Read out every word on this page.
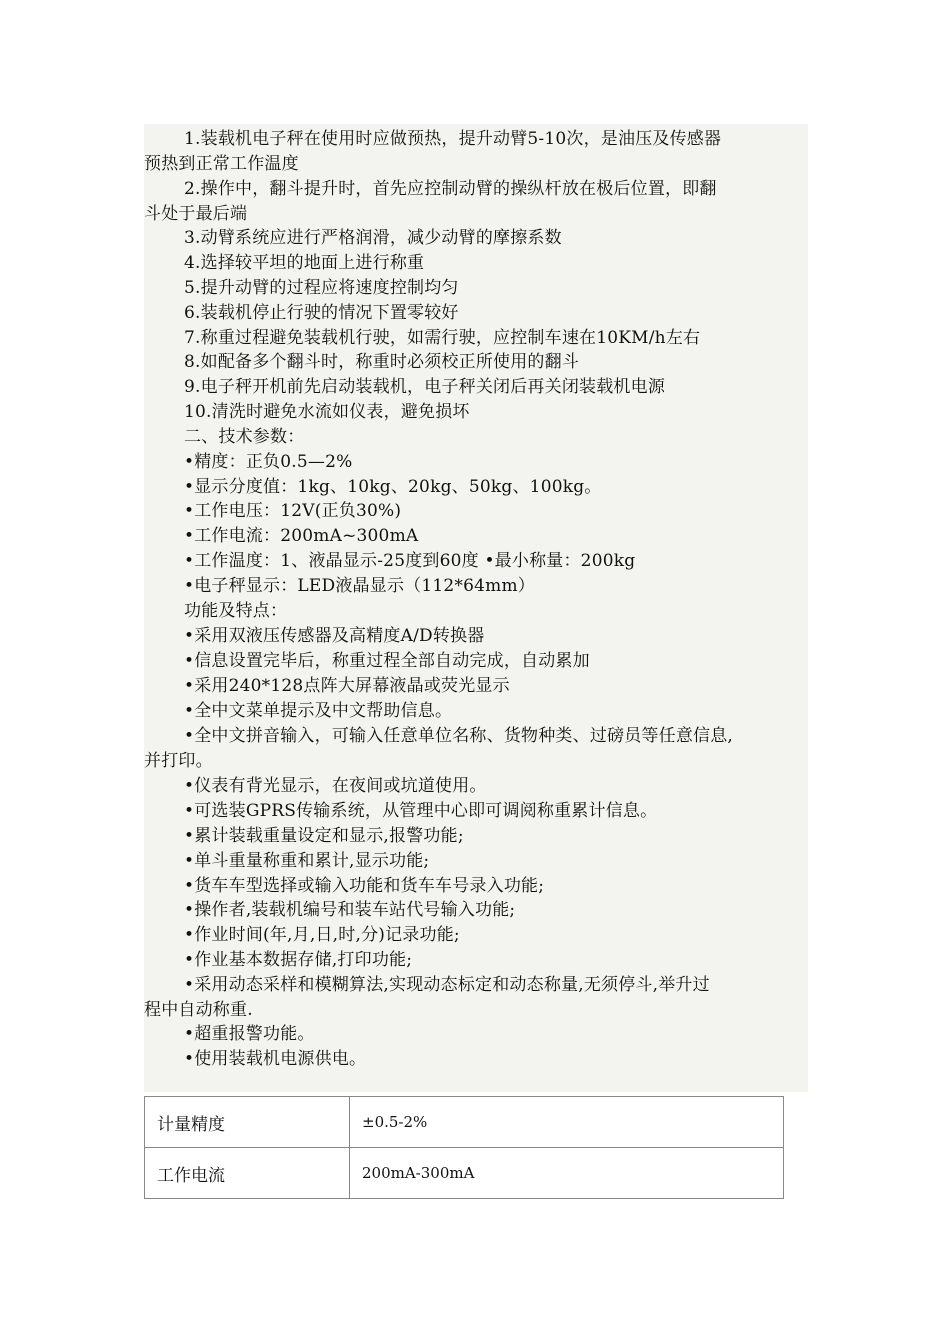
1.装载机电子秤在使用时应做预热，提升动臂5-10次，是油压及传感器
预热到正常工作温度
2.操作中，翻斗提升时，首先应控制动臂的操纵杆放在极后位置，即翻
斗处于最后端
3.动臂系统应进行严格润滑，减少动臂的摩擦系数
4.选择较平坦的地面上进行称重
5.提升动臂的过程应将速度控制均匀
6.装载机停止行驶的情况下置零较好
7.称重过程避免装载机行驶，如需行驶，应控制车速在10KM/h左右
8.如配备多个翻斗时，称重时必须校正所使用的翻斗
9.电子秤开机前先启动装载机，电子秤关闭后再关闭装载机电源
10.清洗时避免水流如仪表，避免损坏
二、技术参数：
•精度：正负0.5—2%
•显示分度值：1kg、10kg、20kg、50kg、100kg。
•工作电压：12V(正负30%)
•工作电流：200mA~300mA
•工作温度：1、液晶显示-25度到60度 •最小称量：200kg
•电子秤显示：LED液晶显示（112*64mm）
功能及特点：
•采用双液压传感器及高精度A/D转换器
•信息设置完毕后，称重过程全部自动完成，自动累加
•采用240*128点阵大屏幕液晶或荧光显示
•全中文菜单提示及中文帮助信息。
•全中文拼音输入，可输入任意单位名称、货物种类、过磅员等任意信息,
并打印。
•仪表有背光显示，在夜间或坑道使用。
•可选装GPRS传输系统，从管理中心即可调阅称重累计信息。
•累计装载重量设定和显示,报警功能;
•单斗重量称重和累计,显示功能;
•货车车型选择或输入功能和货车车号录入功能;
•操作者,装载机编号和装车站代号输入功能;
•作业时间(年,月,日,时,分)记录功能;
•作业基本数据存储,打印功能;
•采用动态采样和模糊算法,实现动态标定和动态称量,无须停斗,举升过
程中自动称重.
•超重报警功能。
•使用装载机电源供电。
计量精度	±0.5-2%
工作电流	200mA-300mA
